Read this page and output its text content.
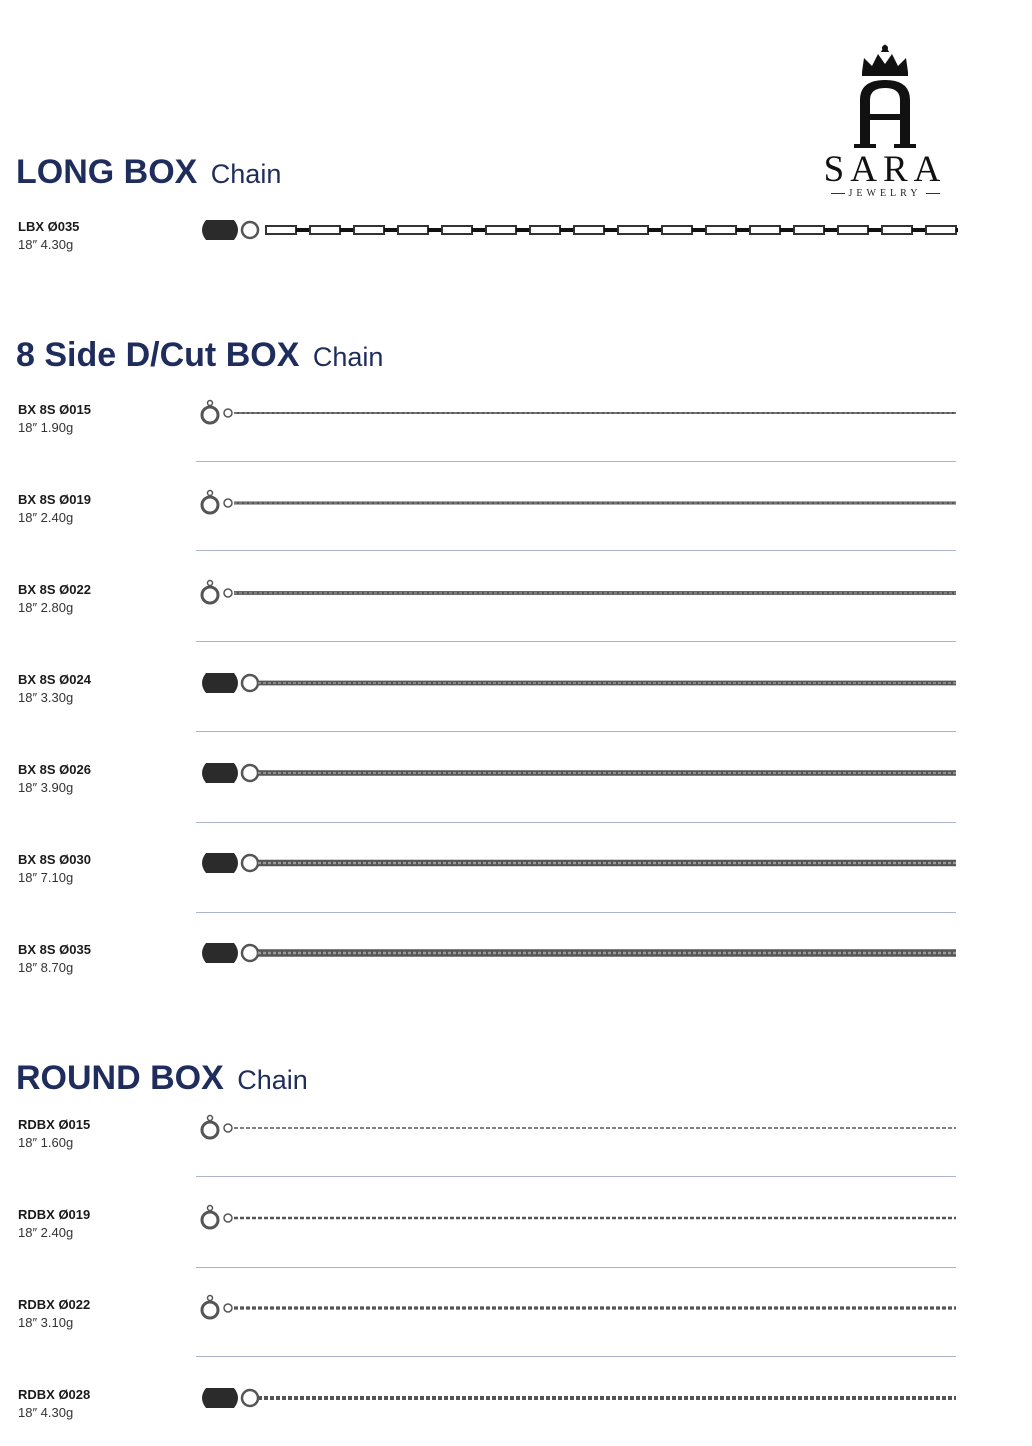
SARA
JEWELRY
LONG BOX Chain
8 Side D/Cut BOX Chain
ROUND BOX Chain
LBX Ø035
18″ 4.30g
BX 8S Ø015
18″ 1.90g
BX 8S Ø019
18″ 2.40g
BX 8S Ø022
18″ 2.80g
BX 8S Ø024
18″ 3.30g
BX 8S Ø026
18″ 3.90g
BX 8S Ø030
18″ 7.10g
BX 8S Ø035
18″ 8.70g
RDBX Ø015
18″ 1.60g
RDBX Ø019
18″ 2.40g
RDBX Ø022
18″ 3.10g
RDBX Ø028
18″ 4.30g
